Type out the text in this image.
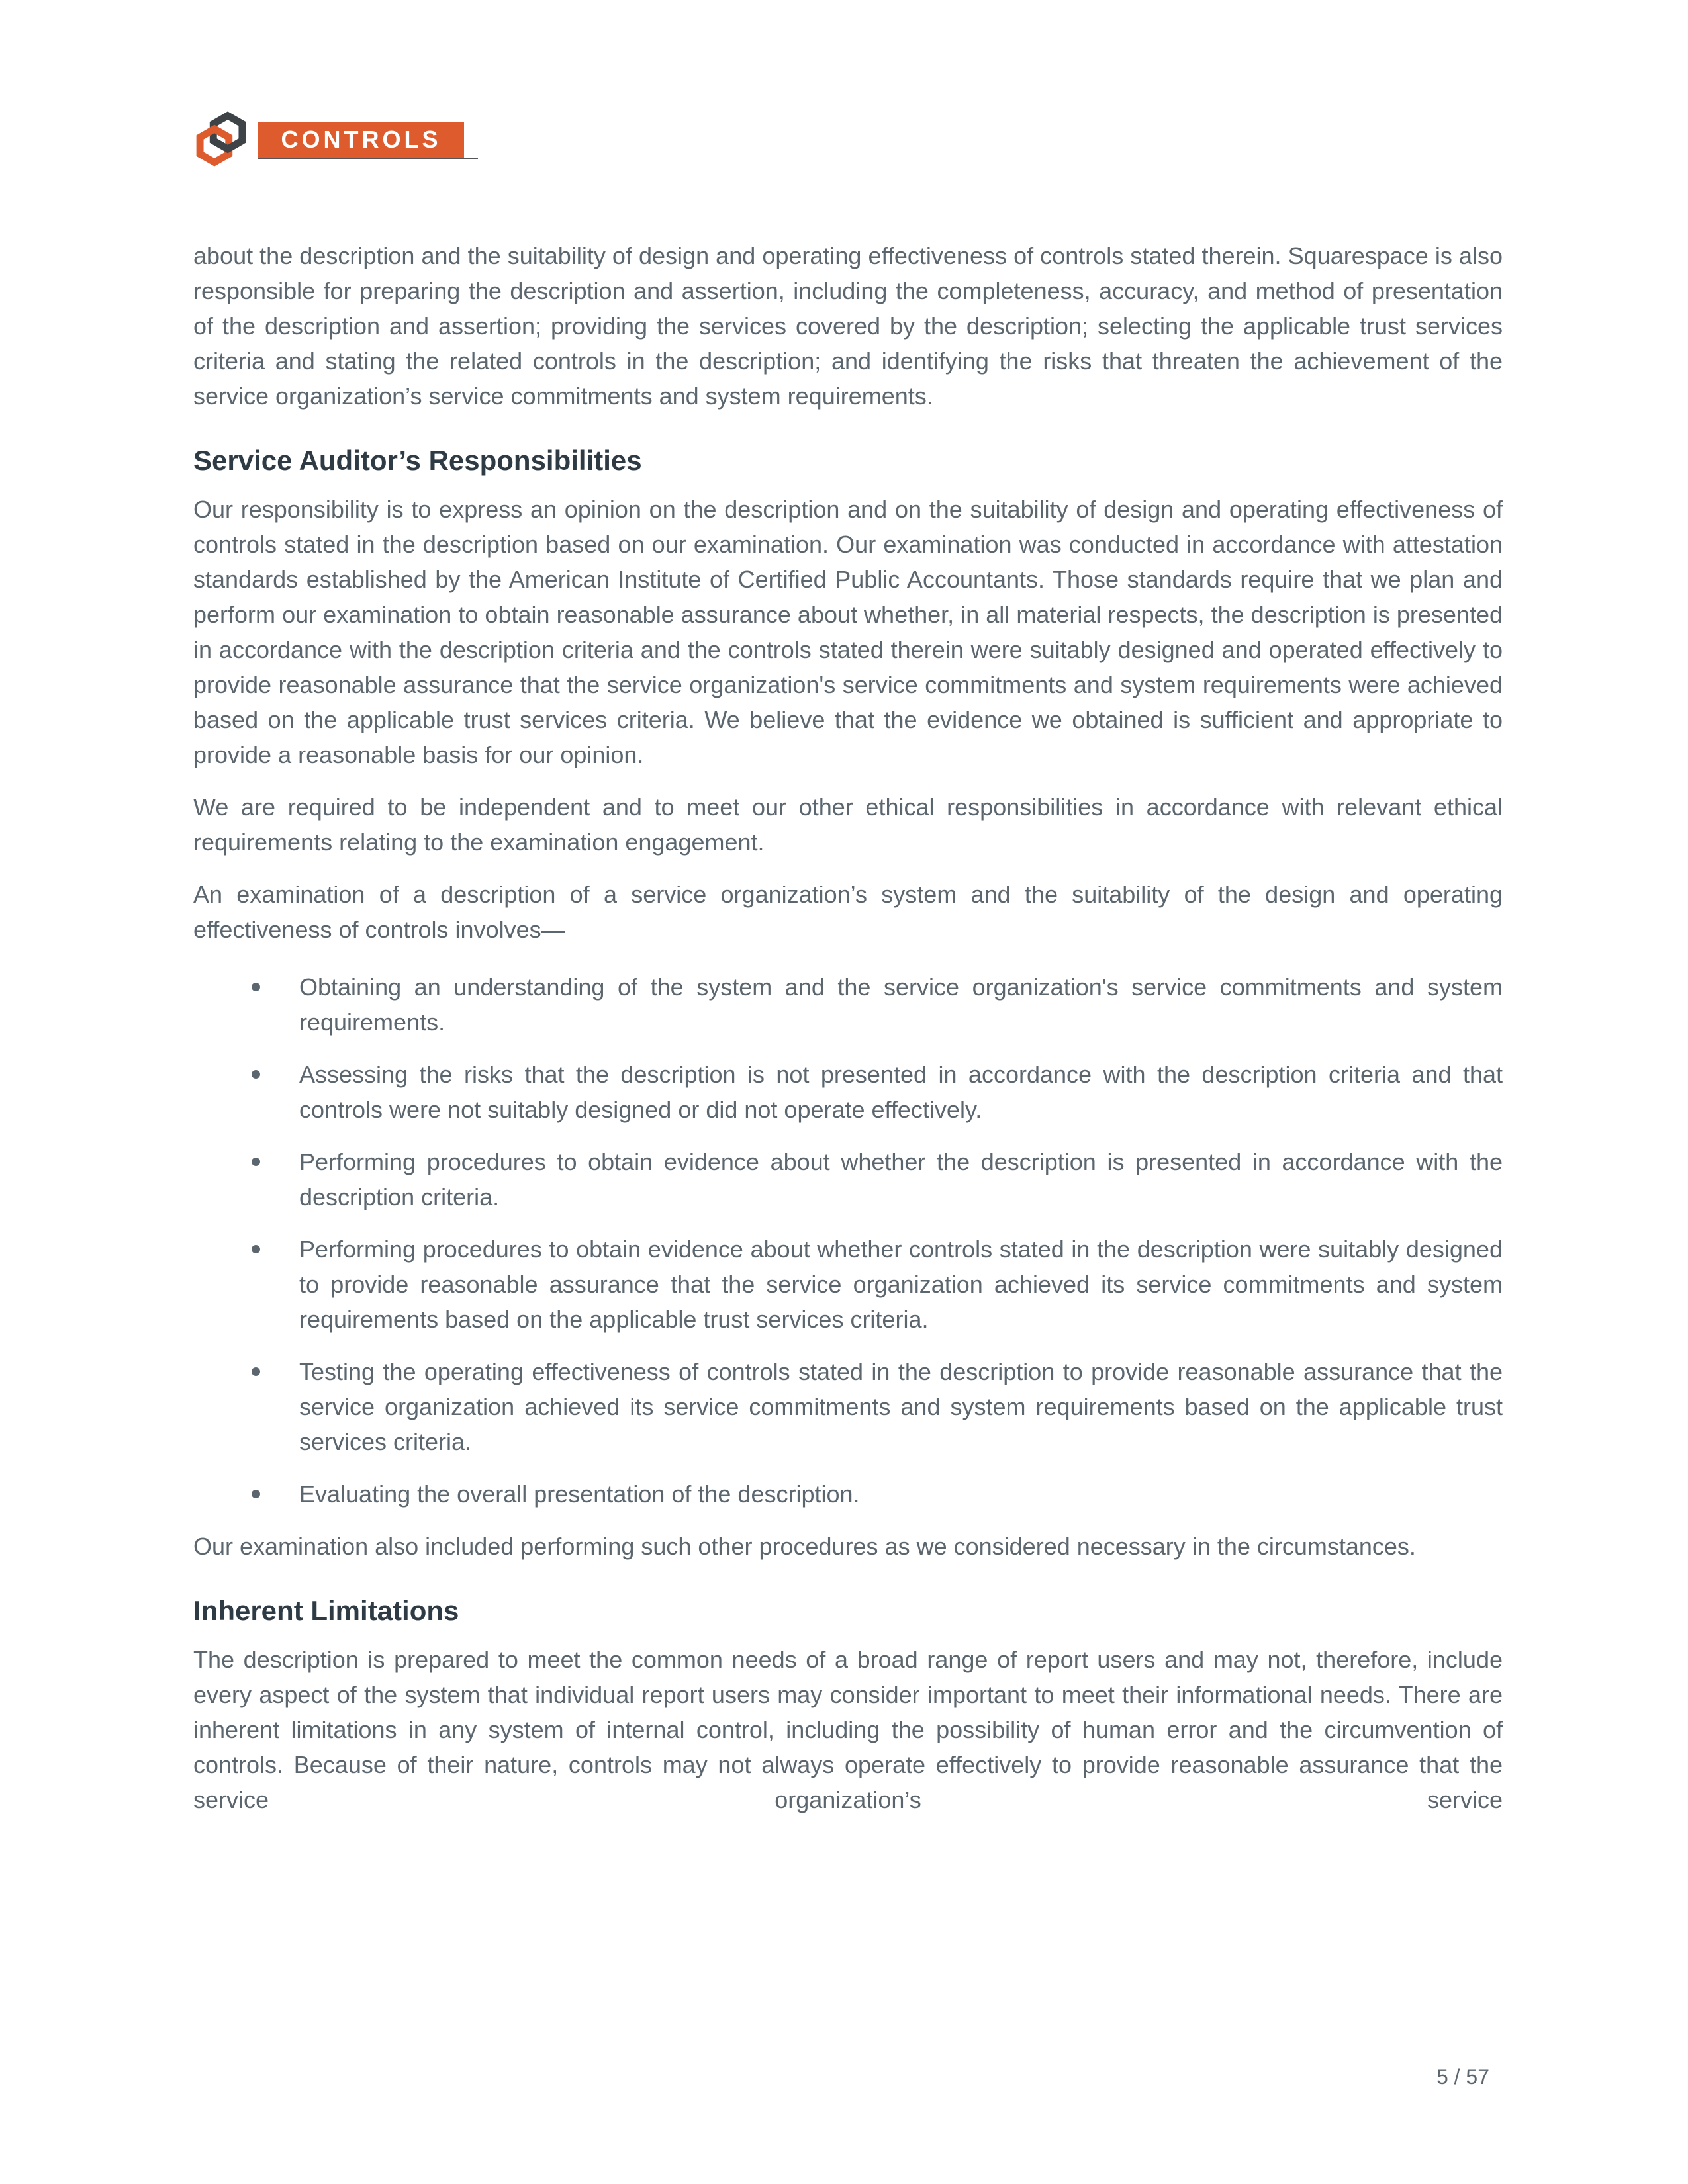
CONTROLS

about the description and the suitability of design and operating effectiveness of controls stated therein. Squarespace is also responsible for preparing the description and assertion, including the completeness, accuracy, and method of presentation of the description and assertion; providing the services covered by the description; selecting the applicable trust services criteria and stating the related controls in the description; and identifying the risks that threaten the achievement of the service organization’s service commitments and system requirements.

Service Auditor’s Responsibilities

Our responsibility is to express an opinion on the description and on the suitability of design and operating effectiveness of controls stated in the description based on our examination. Our examination was conducted in accordance with attestation standards established by the American Institute of Certified Public Accountants. Those standards require that we plan and perform our examination to obtain reasonable assurance about whether, in all material respects, the description is presented in accordance with the description criteria and the controls stated therein were suitably designed and operated effectively to provide reasonable assurance that the service organization's service commitments and system requirements were achieved based on the applicable trust services criteria. We believe that the evidence we obtained is sufficient and appropriate to provide a reasonable basis for our opinion.

We are required to be independent and to meet our other ethical responsibilities in accordance with relevant ethical requirements relating to the examination engagement.

An examination of a description of a service organization’s system and the suitability of the design and operating effectiveness of controls involves—

Obtaining an understanding of the system and the service organization's service commitments and system requirements.
Assessing the risks that the description is not presented in accordance with the description criteria and that controls were not suitably designed or did not operate effectively.
Performing procedures to obtain evidence about whether the description is presented in accordance with the description criteria.
Performing procedures to obtain evidence about whether controls stated in the description were suitably designed to provide reasonable assurance that the service organization achieved its service commitments and system requirements based on the applicable trust services criteria.
Testing the operating effectiveness of controls stated in the description to provide reasonable assurance that the service organization achieved its service commitments and system requirements based on the applicable trust services criteria.
Evaluating the overall presentation of the description.

Our examination also included performing such other procedures as we considered necessary in the circumstances.

Inherent Limitations

The description is prepared to meet the common needs of a broad range of report users and may not, therefore, include every aspect of the system that individual report users may consider important to meet their informational needs. There are inherent limitations in any system of internal control, including the possibility of human error and the circumvention of controls. Because of their nature, controls may not always operate effectively to provide reasonable assurance that the service organization’s service

5 / 57
